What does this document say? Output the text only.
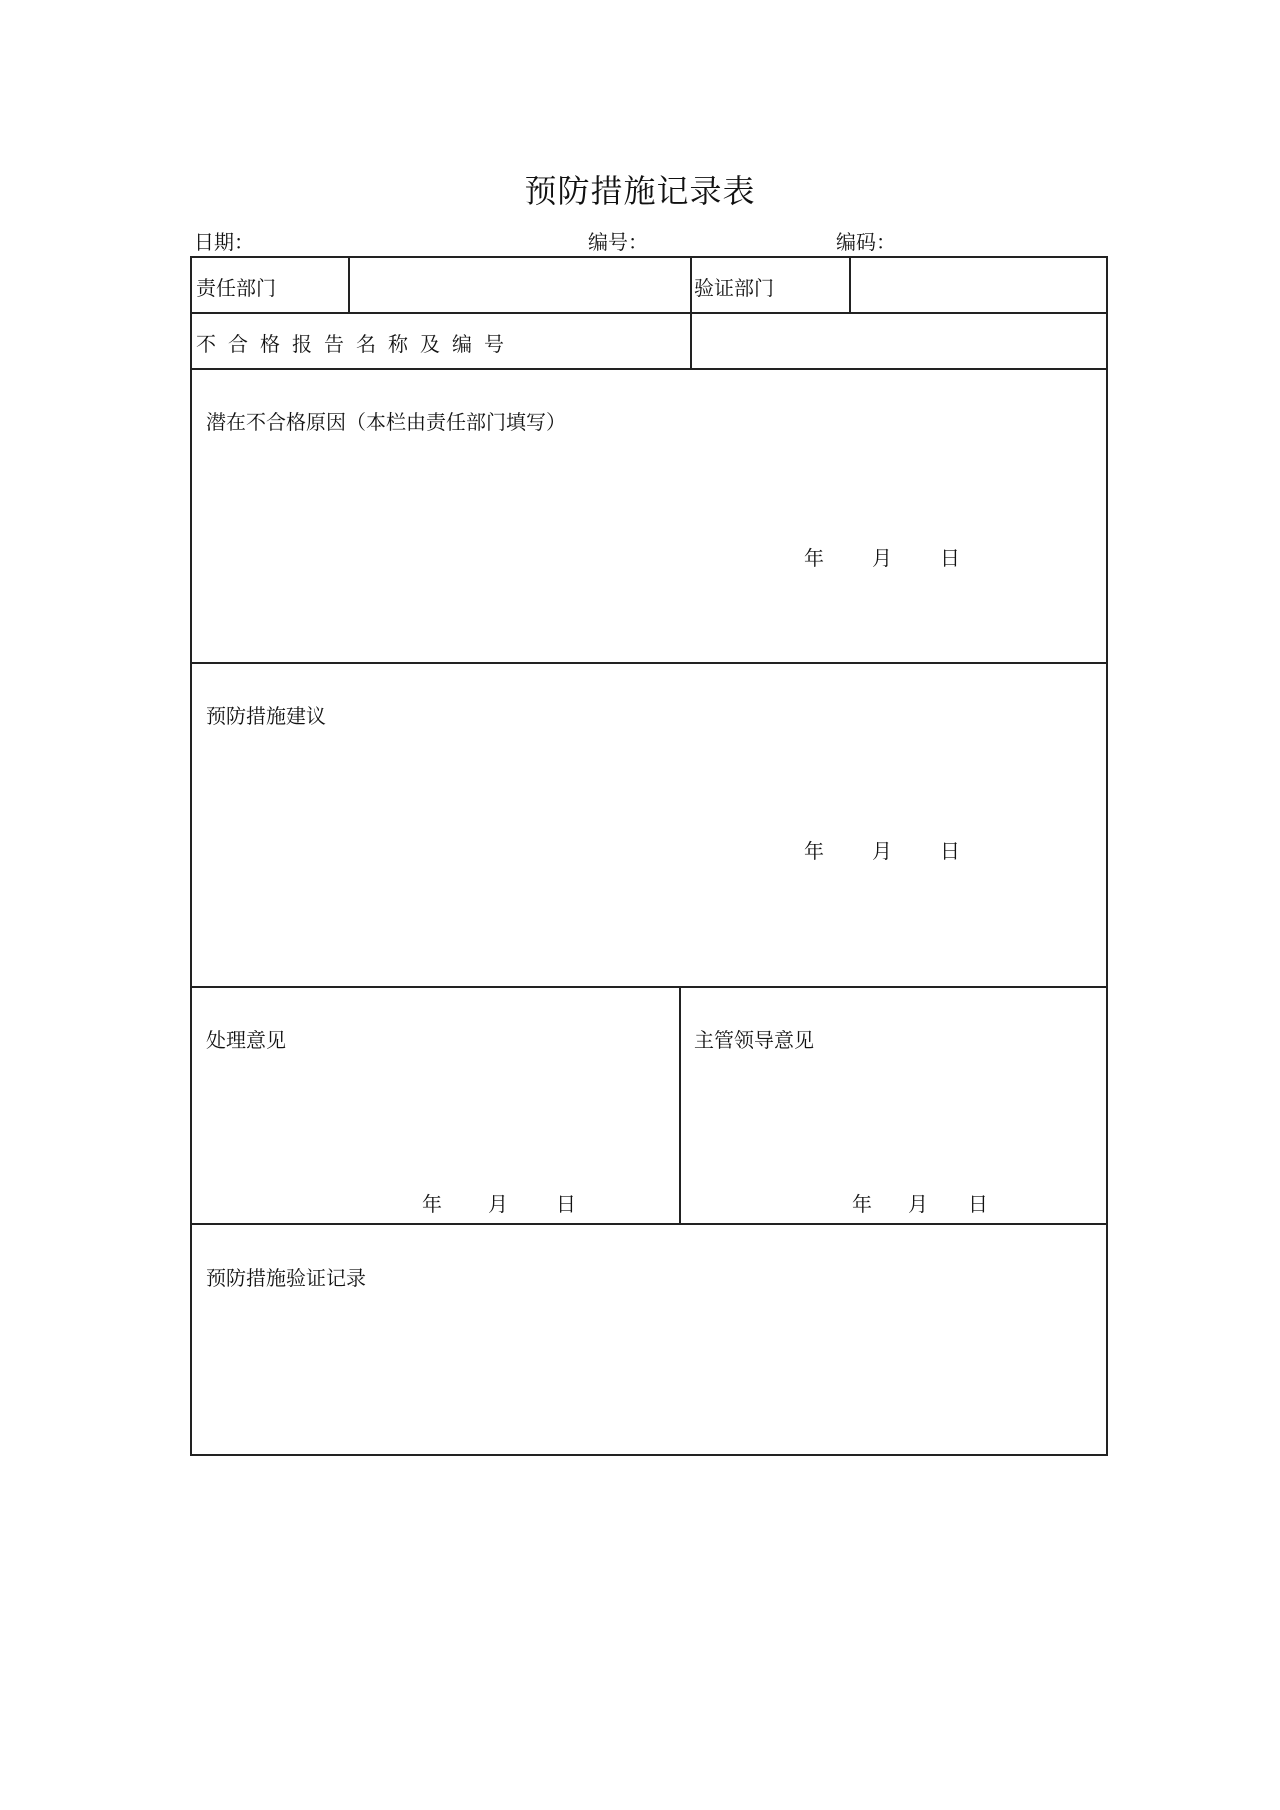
预防措施记录表
日期：	编号：	编码：
责任部门	验证部门
不合格报告名称及编号
潜在不合格原因（本栏由责任部门填写）
年 月 日
预防措施建议
年 月 日
处理意见
年 月 日
主管领导意见
年 月 日
预防措施验证记录
